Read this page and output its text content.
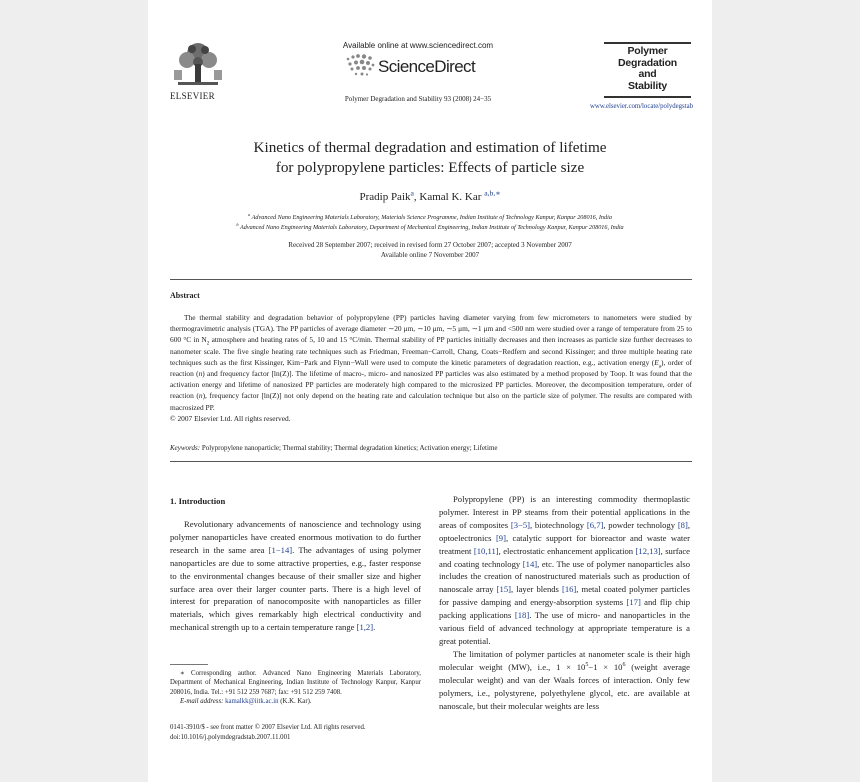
ELSEVIER
Available online at www.sciencedirect.com
ScienceDirect
Polymer Degradation and Stability 93 (2008) 24−35
Polymer
Degradation
and
Stability
www.elsevier.com/locate/polydegstab
Kinetics of thermal degradation and estimation of lifetime
for polypropylene particles: Effects of particle size
Pradip Paik$^a$, Kamal K. Kar $^{a,b,∗}$
$^a$ Advanced Nano Engineering Materials Laboratory, Materials Science Programme, Indian Institute of Technology Kanpur, Kanpur 208016, India
$^b$ Advanced Nano Engineering Materials Laboratory, Department of Mechanical Engineering, Indian Institute of Technology Kanpur, Kanpur 208016, India
Received 28 September 2007; received in revised form 27 October 2007; accepted 3 November 2007
Available online 7 November 2007
Abstract

The thermal stability and degradation behavior of polypropylene (PP) particles having diameter varying from few micrometers to nanometers were studied by thermogravimetric analysis (TGA). The PP particles of average diameter ∼20 μm, ∼10 μm, ∼5 μm, ∼1 μm and <500 nm were studied over a range of temperature from 25 to 600 °C in $N_2$ atmosphere and heating rates of 5, 10 and 15 °C/min. Thermal stability of PP particles initially decreases and then increases as particle size further decreases to nanometer scale. The five single heating rate techniques such as Friedman, Freeman−Carroll, Chang, Coats−Redfern and second Kissinger; and three multiple heating rate techniques such as the first Kissinger, Kim−Park and Flynn−Wall were used to compute the kinetic parameters of degradation reaction, e.g., activation energy $(E_a)$, order of reaction (n) and frequency factor [ln(Z)]. The lifetime of macro-, micro- and nanosized PP particles was also estimated by a method proposed by Toop. It was found that the activation energy and lifetime of nanosized PP particles are moderately high compared to the microsized PP particles. Moreover, the decomposition temperature, order of reaction (n), frequency factor [ln(Z)] not only depend on the heating rate and calculation technique but also on the particle size of polymer. The results are compared with macrosized PP.

© 2007 Elsevier Ltd. All rights reserved.

Keywords: Polypropylene nanoparticle; Thermal stability; Thermal degradation kinetics; Activation energy; Lifetime
1. Introduction

Revolutionary advancements of nanoscience and technology using polymer nanoparticles have created enormous motivation to do further research in the same area [1−14]. The advantages of using polymer nanoparticles are due to some attractive properties, e.g., faster response to the environmental changes because of their smaller size and higher surface area over their larger counter parts. There is a high level of interest for preparation of nanocomposite with nanoparticles as filler materials, which gives remarkably high electrical conductivity and mechanical strength up to a certain temperature range [1,2].

∗ Corresponding author. Advanced Nano Engineering Materials Laboratory, Department of Mechanical Engineering, Indian Institute of Technology Kanpur, Kanpur 208016, India. Tel.: +91 512 259 7687; fax: +91 512 259 7408.
E-mail address: kamalkk@iitk.ac.in (K.K. Kar).
0141-3910/$ - see front matter © 2007 Elsevier Ltd. All rights reserved.
doi:10.1016/j.polymdegradstab.2007.11.001

Polypropylene (PP) is an interesting commodity thermoplastic polymer. Interest in PP steams from their potential applications in the areas of composites [3−5], biotechnology [6,7], powder technology [8], optoelectronics [9], catalytic support for bioreactor and waste water treatment [10,11], electrostatic enhancement application [12,13], surface and coating technology [14], etc. The use of polymer nanoparticles also includes the creation of nanostructured materials such as production of nanoscale array [15], layer blends [16], metal coated polymer particles for passive damping and energy-absorption systems [17] and flip chip packing applications [18]. The use of micro- and nanoparticles in the various field of advanced technology at appropriate temperature is a great potential.

The limitation of polymer particles at nanometer scale is their high molecular weight (MW), i.e., $1 \times 10^5-1 \times 10^6$ (weight average molecular weight) and van der Waals forces of interaction. Only few polymers, i.e., polystyrene, polyethylene glycol, etc. are available at nanoscale, but their molecular weights are less
